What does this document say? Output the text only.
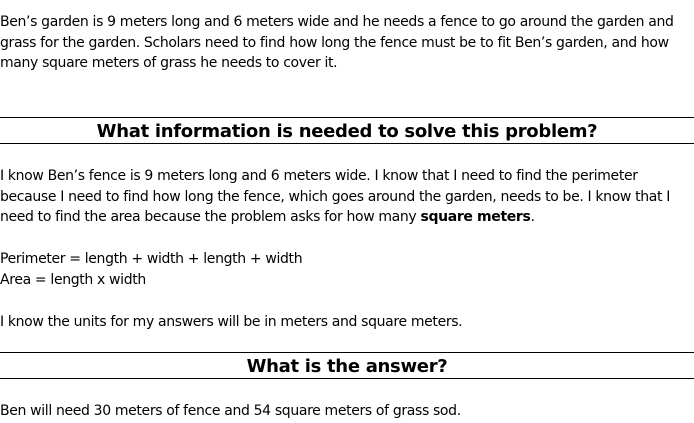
Ben’s garden is 9 meters long and 6 meters wide and he needs a fence to go around the garden and
grass for the garden. Scholars need to find how long the fence must be to fit Ben’s garden, and how
many square meters of grass he needs to cover it.

What information is needed to solve this problem?

I know Ben’s fence is 9 meters long and 6 meters wide. I know that I need to find the perimeter
because I need to find how long the fence, which goes around the garden, needs to be. I know that I
need to find the area because the problem asks for how many square meters.

Perimeter = length + width + length + width
Area = length x width

I know the units for my answers will be in meters and square meters.

What is the answer?

Ben will need 30 meters of fence and 54 square meters of grass sod.
